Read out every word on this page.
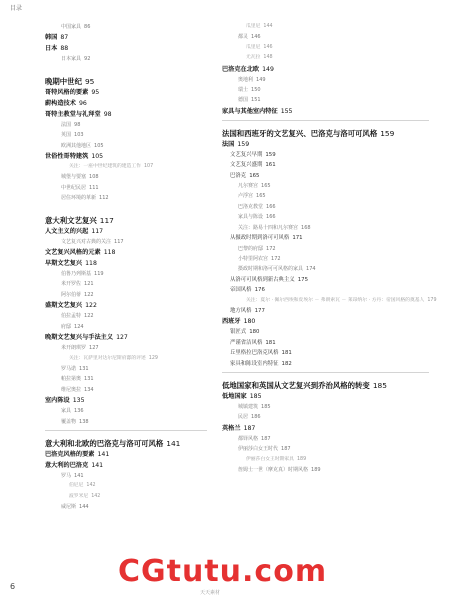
目录
中国家具 86
韩国 87
日本 88
日本家具 92
晚期中世纪 95
哥特风格的要素 95
蔚构造技术 96
哥特主教堂与礼拜堂 98
法国 98
英国 103
欧洲其他地区 105
世俗性哥特建筑 105
关注：一座中世纪建筑的建造工作 107
城堡与要塞 108
中世纪民居 111
居住环境的革新 112
意大利文艺复兴 117
人文主义的兴起 117
文艺复兴对古典的关注 117
文艺复兴风格的元素 118
早期文艺复兴 118
伯鲁乃列斯基 119
米开罗佐 121
阿尔伯蒂 122
盛期文艺复兴 122
伯拉孟特 122
府邸 124
晚期文艺复兴与手法主义 127
米开朗琪罗 127
关注：瓦萨里对达尔尼斯府邸的评述 129
罗马诺 131
帕拉第奥 131
维尼奥拉 134
室内陈设 135
家具 136
覆盖物 138
意大利和北欧的巴洛克与洛可可风格 141
巴洛克风格的要素 141
意大利的巴洛克 141
罗马 141
伯尼尼 142
波罗米尼 142
威尼斯 144
瓜里尼 144
都灵 146
瓜里尼 146
尤瓦拉 148
巴洛克在北欧 149
奥地利 149
瑞士 150
德国 151
家具与其他室内特征 155
法国和西班牙的文艺复兴、巴洛克与洛可可风格 159
法国 159
文艺复兴早期 159
文艺复兴盛期 161
巴洛克 165
凡尔赛宫 165
卢浮宫 165
巴洛克教堂 166
家具与陈设 166
关注：路易十四和凡尔赛宫 168
从摄政时期到洛可可风格 171
巴黎的府邸 172
小特里阿农宫 172
摄政时期和洛可可风格的家具 174
从洛可可风格到新古典主义 175
帝国风格 176
关注：夏尔 · 佩尔西埃和皮埃尔 － 弗朗索瓦 － 莱昂纳尔 · 方丹：帝国风格的奠基人 179
地方风格 177
西班牙 180
银匠式 180
严谨省洁风格 181
丘里格拉巴洛克风格 181
家具和陈设室内特征 182
低地国家和英国从文艺复兴到乔治风格的转变 185
低地国家 185
城镇建筑 185
民居 186
英格兰 187
都铎风格 187
伊丽莎白女王时代 187
伊丽莎白女王时期家具 189
詹姆士一世（摩克真）时期风格 189
6	CGtutu.com
天天素材
